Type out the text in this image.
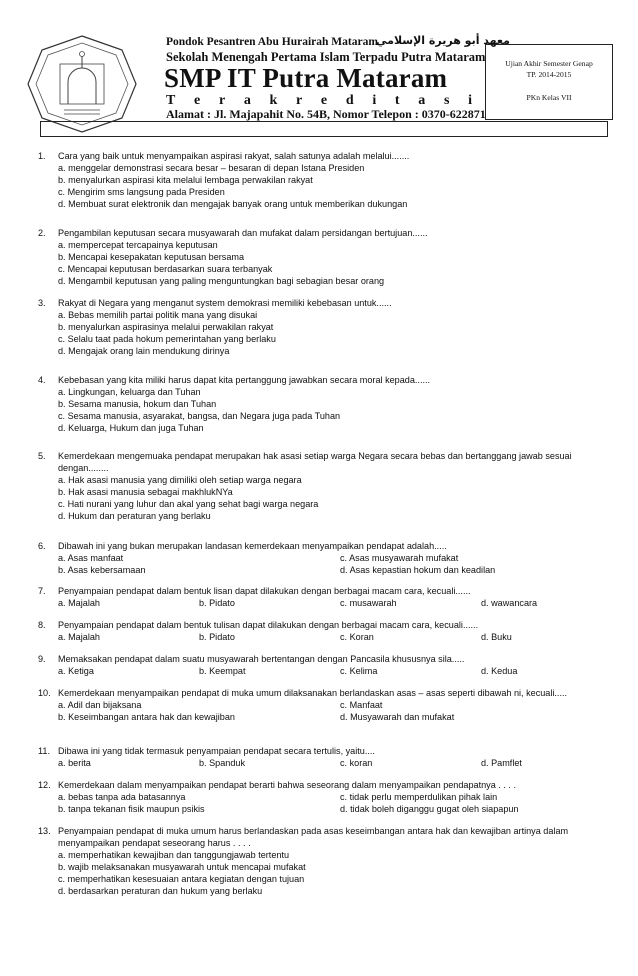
Pondok Pesantren Abu Hurairah Mataram
معهد أبو هريرة الإسلامي
Sekolah Menengah Pertama Islam Terpadu Putra Mataram
SMP IT Putra Mataram
T e r a k r e d i t a s i
Alamat : Jl. Majapahit No. 54B, Nomor Telepon : 0370-622871
Ujian Akhir Semester Genap
TP. 2014-2015
PKn Kelas VII
1. Cara yang baik untuk menyampaikan aspirasi rakyat, salah satunya adalah melalui.......
a. menggelar demonstrasi secara besar – besaran di depan Istana Presiden
b. menyalurkan aspirasi kita melalui lembaga perwakilan rakyat
c. Mengirim sms langsung pada Presiden
d. Membuat surat elektronik dan mengajak banyak orang untuk memberikan dukungan
2. Pengambilan keputusan secara musyawarah dan mufakat dalam persidangan bertujuan......
a. mempercepat tercapainya keputusan
b. Mencapai kesepakatan keputusan bersama
c. Mencapai keputusan berdasarkan suara terbanyak
d. Mengambil keputusan yang paling menguntungkan bagi sebagian besar orang
3. Rakyat di Negara yang menganut system demokrasi memiliki kebebasan untuk......
a. Bebas memilih partai politik mana yang disukai
b. menyalurkan aspirasinya melalui perwakilan rakyat
c. Selalu taat pada hokum pemerintahan yang berlaku
d. Mengajak orang lain mendukung dirinya
4. Kebebasan yang kita miliki harus dapat kita pertanggung jawabkan secara moral kepada......
a. Lingkungan, keluarga dan Tuhan
b. Sesama manusia, hokum dan Tuhan
c. Sesama manusia, asyarakat, bangsa, dan Negara juga pada Tuhan
d. Keluarga, Hukum dan juga Tuhan
5. Kemerdekaan mengemuaka pendapat merupakan hak asasi setiap warga Negara secara bebas dan bertanggang jawab sesuai dengan........
a. Hak asasi manusia yang dimiliki oleh setiap warga negara
b. Hak asasi manusia sebagai makhlukNYa
c. Hati nurani yang luhur dan akal yang sehat bagi warga negara
d. Hukum dan peraturan yang berlaku
6. Dibawah ini yang bukan merupakan landasan kemerdekaan menyampaikan pendapat adalah.....
a. Asas manfaat	c. Asas musyawarah mufakat
b. Asas kebersamaan	d. Asas kepastian hokum dan keadilan
7. Penyampaian pendapat dalam bentuk lisan dapat dilakukan dengan berbagai macam cara, kecuali......
a. Majalah	b. Pidato	c. musawarah	d. wawancara
8. Penyampaian pendapat dalam bentuk tulisan dapat dilakukan dengan berbagai macam cara, kecuali......
a. Majalah	b. Pidato	c. Koran	d. Buku
9. Memaksakan pendapat dalam suatu musyawarah bertentangan dengan Pancasila khususnya sila.....
a. Ketiga	b. Keempat	c. Kelima	d. Kedua
10. Kemerdekaan menyampaikan pendapat di muka umum dilaksanakan berlandaskan asas – asas seperti dibawah ni, kecuali.....
a. Adil dan bijaksana	c. Manfaat
b. Keseimbangan antara hak dan kewajiban	d. Musyawarah dan mufakat
11. Dibawa ini yang tidak termasuk penyampaian pendapat secara tertulis, yaitu....
a. berita	b. Spanduk	c. koran	d. Pamflet
12. Kemerdekaan dalam menyampaikan pendapat berarti bahwa seseorang dalam menyampaikan pendapatnya . . . .
a. bebas tanpa ada batasannya	c. tidak perlu memperdulikan pihak lain
b. tanpa tekanan fisik maupun psikis	d. tidak boleh diganggu gugat oleh siapapun
13. Penyampaian pendapat di muka umum harus berlandaskan pada asas keseimbangan antara hak dan kewajiban artinya dalam menyampaikan pendapat seseorang harus . . . .
a. memperhatikan kewajiban dan tanggungjawab tertentu
b. wajib melaksanakan musyawarah untuk mencapai mufakat
c. memperhatikan kesesuaian antara kegiatan dengan tujuan
d. berdasarkan peraturan dan hukum yang berlaku
